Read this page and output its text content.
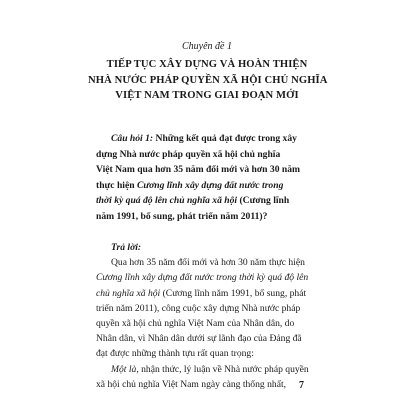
Chuyên đề 1
TIẾP TỤC XÂY DỰNG VÀ HOÀN THIỆN
NHÀ NƯỚC PHÁP QUYỀN XÃ HỘI CHỦ NGHĨA
VIỆT NAM TRONG GIAI ĐOẠN MỚI
Câu hỏi 1: Những kết quả đạt được trong xây
dựng Nhà nước pháp quyền xã hội chủ nghĩa
Việt Nam qua hơn 35 năm đổi mới và hơn 30 năm
thực hiện Cương lĩnh xây dựng đất nước trong
thời kỳ quá độ lên chủ nghĩa xã hội (Cương lĩnh
năm 1991, bổ sung, phát triển năm 2011)?
Trả lời:
Qua hơn 35 năm đổi mới và hơn 30 năm thực hiện
Cương lĩnh xây dựng đất nước trong thời kỳ quá độ lên
chủ nghĩa xã hội (Cương lĩnh năm 1991, bổ sung, phát
triển năm 2011), công cuộc xây dựng Nhà nước pháp
quyền xã hội chủ nghĩa Việt Nam của Nhân dân, do
Nhân dân, vì Nhân dân dưới sự lãnh đạo của Đảng đã
đạt được những thành tựu rất quan trọng:
Một là, nhận thức, lý luận về Nhà nước pháp quyền
xã hội chủ nghĩa Việt Nam ngày càng thống nhất,	7
